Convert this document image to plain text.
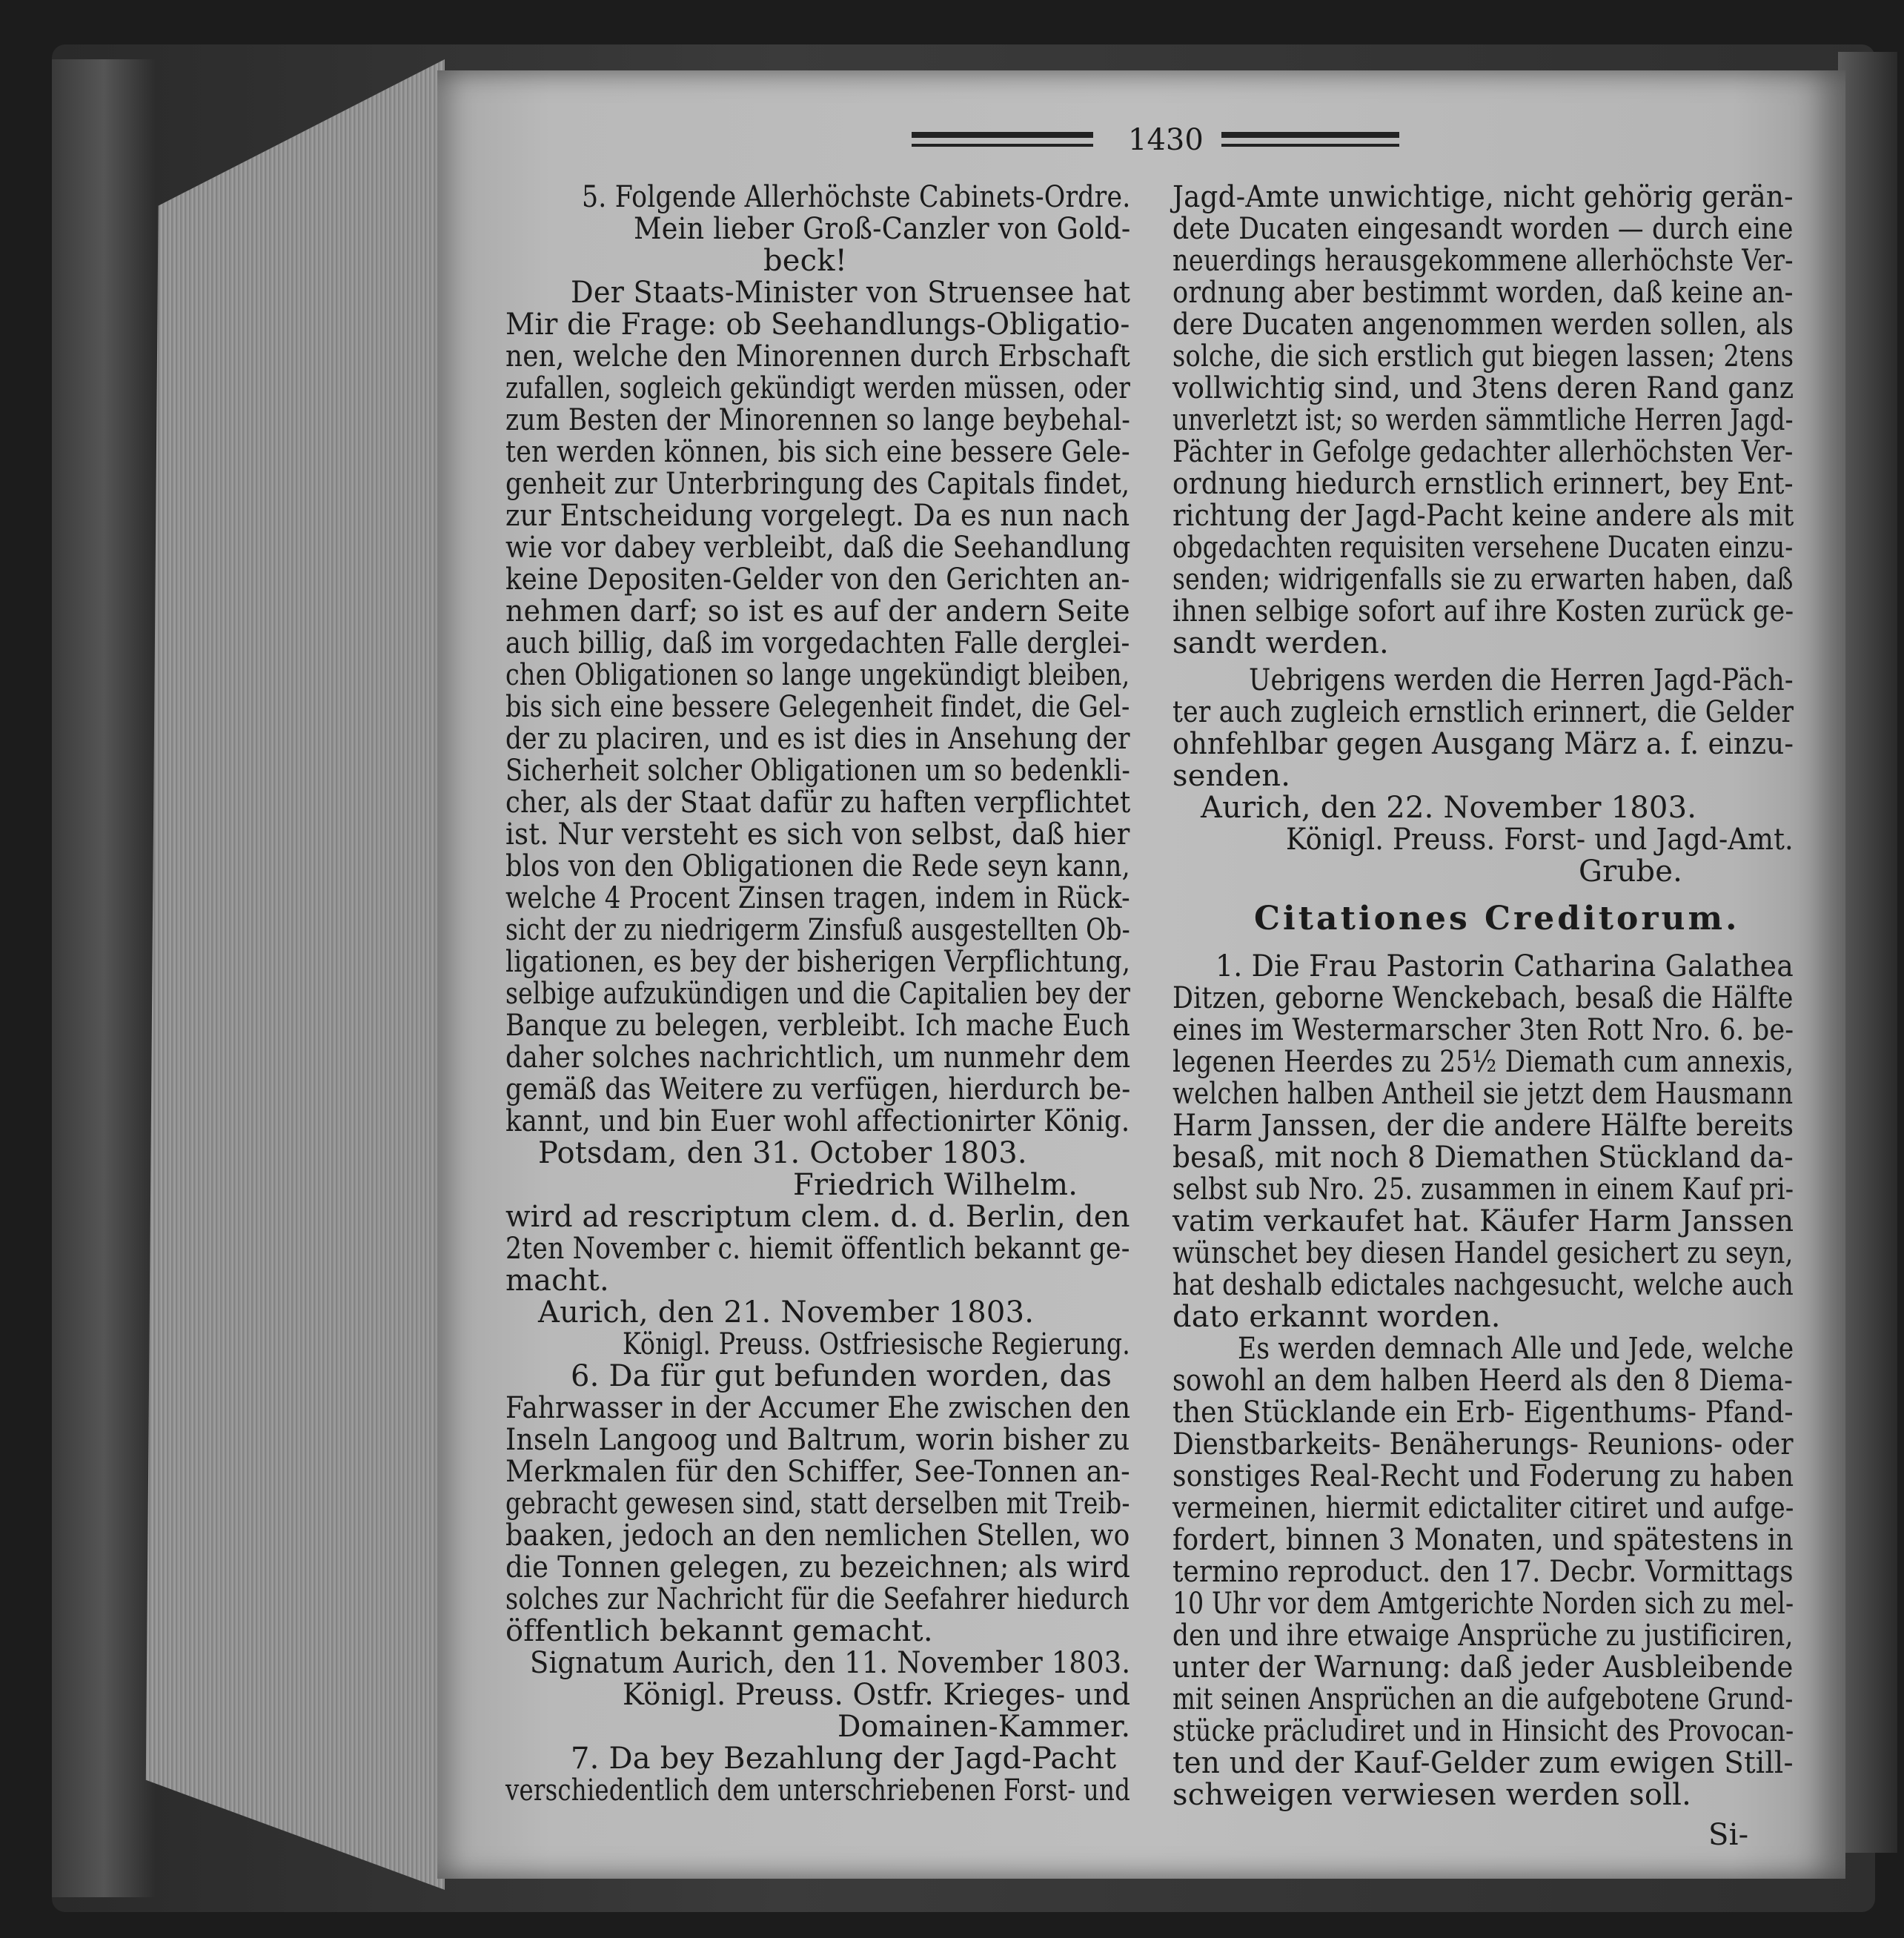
1430
5. Folgende Allerhöchste Cabinets-Ordre.
Mein lieber Groß-Canzler von Gold-
beck!
Der Staats-Minister von Struensee hat
Mir die Frage: ob Seehandlungs-Obligatio-
nen, welche den Minorennen durch Erbschaft
zufallen, sogleich gekündigt werden müssen, oder
zum Besten der Minorennen so lange beybehal-
ten werden können, bis sich eine bessere Gele-
genheit zur Unterbringung des Capitals findet,
zur Entscheidung vorgelegt. Da es nun nach
wie vor dabey verbleibt, daß die Seehandlung
keine Depositen-Gelder von den Gerichten an-
nehmen darf; so ist es auf der andern Seite
auch billig, daß im vorgedachten Falle derglei-
chen Obligationen so lange ungekündigt bleiben,
bis sich eine bessere Gelegenheit findet, die Gel-
der zu placiren, und es ist dies in Ansehung der
Sicherheit solcher Obligationen um so bedenkli-
cher, als der Staat dafür zu haften verpflichtet
ist. Nur versteht es sich von selbst, daß hier
blos von den Obligationen die Rede seyn kann,
welche 4 Procent Zinsen tragen, indem in Rück-
sicht der zu niedrigerm Zinsfuß ausgestellten Ob-
ligationen, es bey der bisherigen Verpflichtung,
selbige aufzukündigen und die Capitalien bey der
Banque zu belegen, verbleibt. Ich mache Euch
daher solches nachrichtlich, um nunmehr dem
gemäß das Weitere zu verfügen, hierdurch be-
kannt, und bin Euer wohl affectionirter König.
Potsdam, den 31. October 1803.
Friedrich Wilhelm.
wird ad rescriptum clem. d. d. Berlin, den
2ten November c. hiemit öffentlich bekannt ge-
macht.
Aurich, den 21. November 1803.
Königl. Preuss. Ostfriesische Regierung.
6. Da für gut befunden worden, das
Fahrwasser in der Accumer Ehe zwischen den
Inseln Langoog und Baltrum, worin bisher zu
Merkmalen für den Schiffer, See-Tonnen an-
gebracht gewesen sind, statt derselben mit Treib-
baaken, jedoch an den nemlichen Stellen, wo
die Tonnen gelegen, zu bezeichnen; als wird
solches zur Nachricht für die Seefahrer hiedurch
öffentlich bekannt gemacht.
Signatum Aurich, den 11. November 1803.
Königl. Preuss. Ostfr. Krieges- und
Domainen-Kammer.
7. Da bey Bezahlung der Jagd-Pacht
verschiedentlich dem unterschriebenen Forst- und
Jagd-Amte unwichtige, nicht gehörig gerän-
dete Ducaten eingesandt worden — durch eine
neuerdings herausgekommene allerhöchste Ver-
ordnung aber bestimmt worden, daß keine an-
dere Ducaten angenommen werden sollen, als
solche, die sich erstlich gut biegen lassen; 2tens
vollwichtig sind, und 3tens deren Rand ganz
unverletzt ist; so werden sämmtliche Herren Jagd-
Pächter in Gefolge gedachter allerhöchsten Ver-
ordnung hiedurch ernstlich erinnert, bey Ent-
richtung der Jagd-Pacht keine andere als mit
obgedachten requisiten versehene Ducaten einzu-
senden; widrigenfalls sie zu erwarten haben, daß
ihnen selbige sofort auf ihre Kosten zurück ge-
sandt werden.
Uebrigens werden die Herren Jagd-Päch-
ter auch zugleich ernstlich erinnert, die Gelder
ohnfehlbar gegen Ausgang März a. f. einzu-
senden.
Aurich, den 22. November 1803.
Königl. Preuss. Forst- und Jagd-Amt.
Grube.
Citationes Creditorum.
1. Die Frau Pastorin Catharina Galathea
Ditzen, geborne Wenckebach, besaß die Hälfte
eines im Westermarscher 3ten Rott Nro. 6. be-
legenen Heerdes zu 25½ Diemath cum annexis,
welchen halben Antheil sie jetzt dem Hausmann
Harm Janssen, der die andere Hälfte bereits
besaß, mit noch 8 Diemathen Stückland da-
selbst sub Nro. 25. zusammen in einem Kauf pri-
vatim verkaufet hat. Käufer Harm Janssen
wünschet bey diesen Handel gesichert zu seyn,
hat deshalb edictales nachgesucht, welche auch
dato erkannt worden.
Es werden demnach Alle und Jede, welche
sowohl an dem halben Heerd als den 8 Diema-
then Stücklande ein Erb- Eigenthums- Pfand-
Dienstbarkeits- Benäherungs- Reunions- oder
sonstiges Real-Recht und Foderung zu haben
vermeinen, hiermit edictaliter citiret und aufge-
fordert, binnen 3 Monaten, und spätestens in
termino reproduct. den 17. Decbr. Vormittags
10 Uhr vor dem Amtgerichte Norden sich zu mel-
den und ihre etwaige Ansprüche zu justificiren,
unter der Warnung: daß jeder Ausbleibende
mit seinen Ansprüchen an die aufgebotene Grund-
stücke präcludiret und in Hinsicht des Provocan-
ten und der Kauf-Gelder zum ewigen Still-
schweigen verwiesen werden soll.
Si-
